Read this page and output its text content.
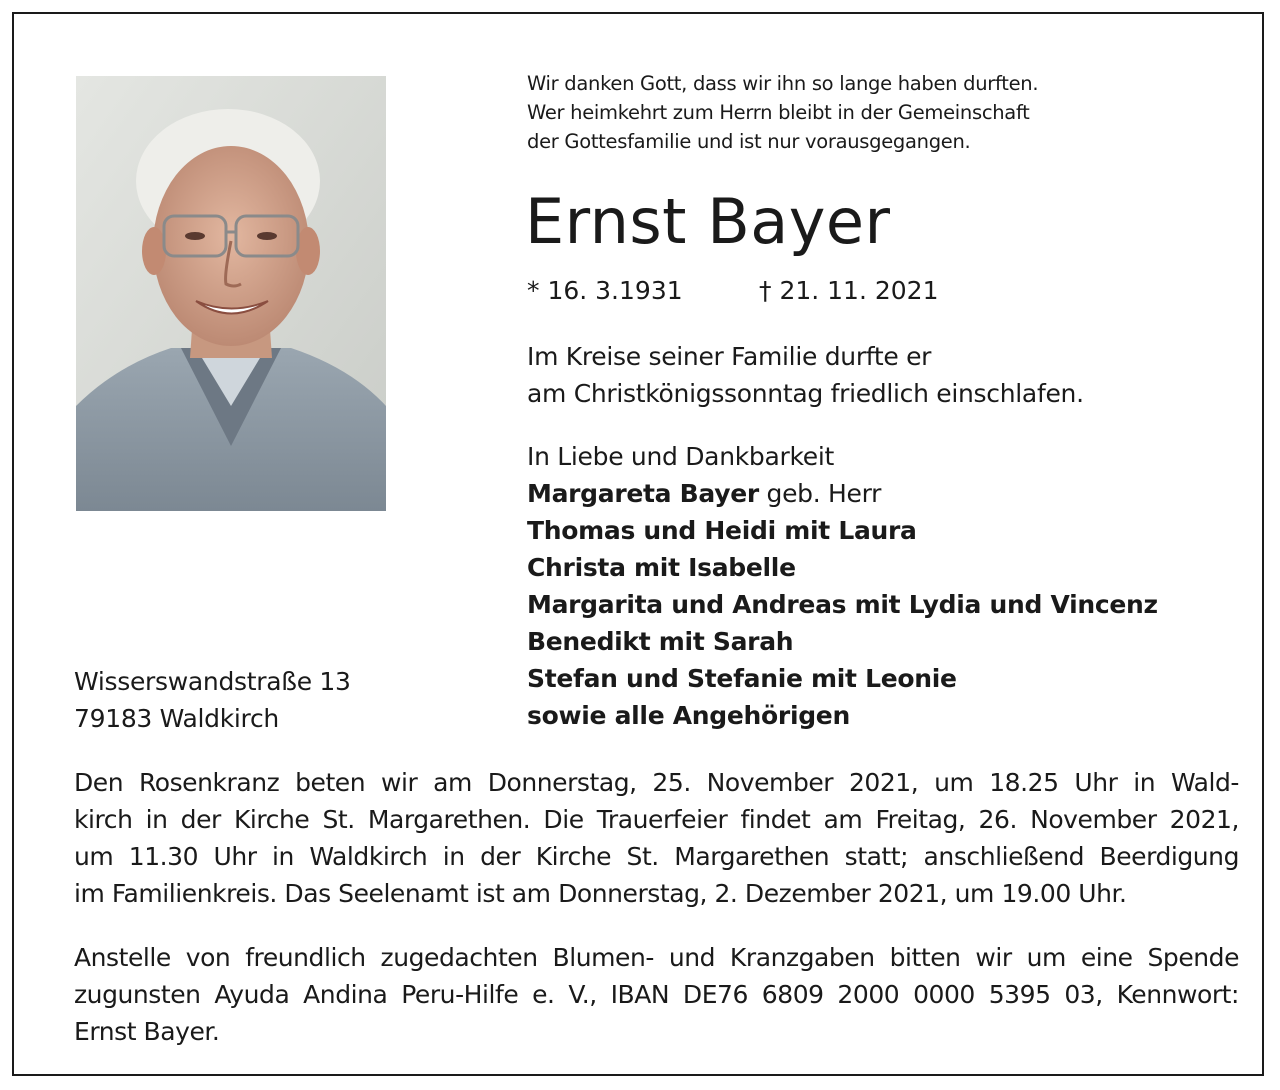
Wir danken Gott, dass wir ihn so lange haben durften.
Wer heimkehrt zum Herrn bleibt in der Gemeinschaft
der Gottesfamilie und ist nur vorausgegangen.
Ernst Bayer
* 16. 3.1931	† 21. 11. 2021
Im Kreise seiner Familie durfte er
am Christkönigssonntag friedlich einschlafen.
In Liebe und Dankbarkeit
Margareta Bayer geb. Herr
Thomas und Heidi mit Laura
Christa mit Isabelle
Margarita und Andreas mit Lydia und Vincenz
Benedikt mit Sarah
Stefan und Stefanie mit Leonie
sowie alle Angehörigen
Wisserswandstraße 13
79183 Waldkirch
Den Rosenkranz beten wir am Donnerstag, 25. November 2021, um 18.25 Uhr in Wald-
kirch in der Kirche St. Margarethen. Die Trauerfeier findet am Freitag, 26. November 2021,
um 11.30 Uhr in Waldkirch in der Kirche St. Margarethen statt; anschließend Beerdigung
im Familienkreis. Das Seelenamt ist am Donnerstag, 2. Dezember 2021, um 19.00 Uhr.
Anstelle von freundlich zugedachten Blumen- und Kranzgaben bitten wir um eine Spende
zugunsten Ayuda Andina Peru-Hilfe e. V., IBAN DE76 6809 2000 0000 5395 03, Kennwort:
Ernst Bayer.
